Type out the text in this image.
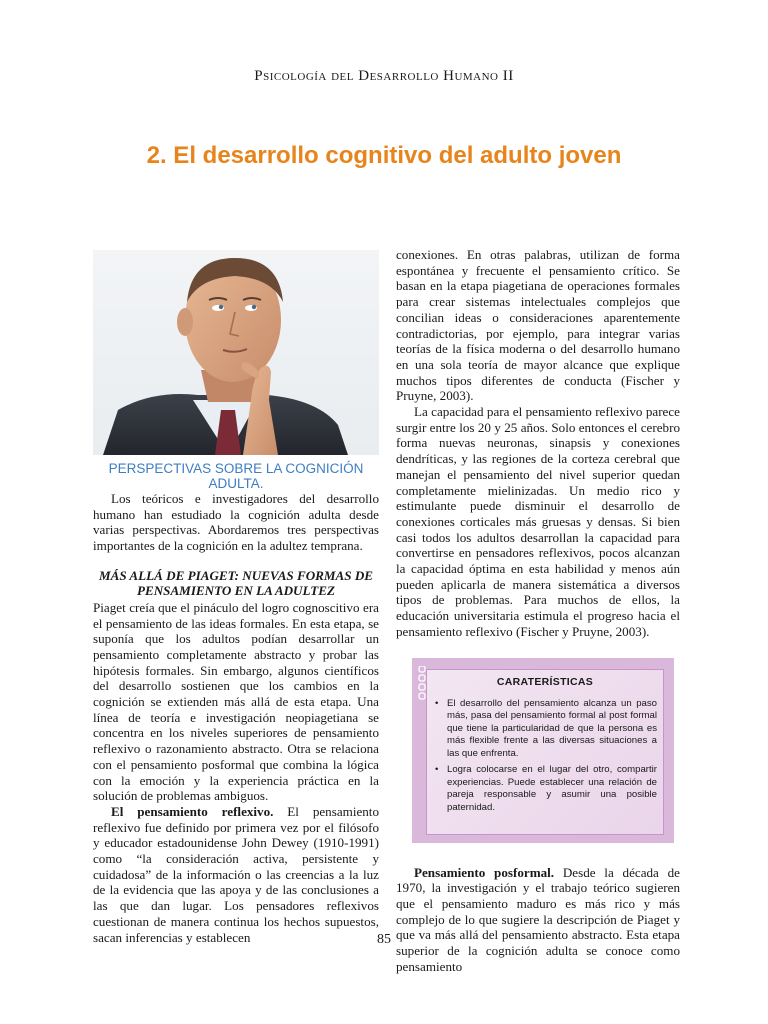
Psicología del Desarrollo Humano II
2. El desarrollo cognitivo del adulto joven
PERSPECTIVAS SOBRE LA COGNICIÓN ADULTA.

Los teóricos e investigadores del desarrollo humano han estudiado la cognición adulta desde varias perspectivas. Abordaremos tres perspectivas importantes de la cognición en la adultez temprana.

MÁS ALLÁ DE PIAGET: NUEVAS FORMAS DE PENSAMIENTO EN LA ADULTEZ

Piaget creía que el pináculo del logro cognoscitivo era el pensamiento de las ideas formales. En esta etapa, se suponía que los adultos podían desarrollar un pensamiento completamente abstracto y probar las hipótesis formales. Sin embargo, algunos científicos del desarrollo sostienen que los cambios en la cognición se extienden más allá de esta etapa. Una línea de teoría e investigación neopiagetiana se concentra en los niveles superiores de pensamiento reflexivo o razonamiento abstracto. Otra se relaciona con el pensamiento posformal que combina la lógica con la emoción y la experiencia práctica en la solución de problemas ambiguos.

El pensamiento reflexivo. El pensamiento reflexivo fue definido por primera vez por el filósofo y educador estadounidense John Dewey (1910-1991) como “la consideración activa, persistente y cuidadosa” de la información o las creencias a la luz de la evidencia que las apoya y de las conclusiones a las que dan lugar. Los pensadores reflexivos cuestionan de manera continua los hechos supuestos, sacan inferencias y establecen

conexiones. En otras palabras, utilizan de forma espontánea y frecuente el pensamiento crítico. Se basan en la etapa piagetiana de operaciones formales para crear sistemas intelectuales complejos que concilian ideas o consideraciones aparentemente contradictorias, por ejemplo, para integrar varias teorías de la física moderna o del desarrollo humano en una sola teoría de mayor alcance que explique muchos tipos diferentes de conducta (Fischer y Pruyne, 2003).

La capacidad para el pensamiento reflexivo parece surgir entre los 20 y 25 años. Solo entonces el cerebro forma nuevas neuronas, sinapsis y conexiones dendríticas, y las regiones de la corteza cerebral que manejan el pensamiento del nivel superior quedan completamente mielinizadas. Un medio rico y estimulante puede disminuir el desarrollo de conexiones corticales más gruesas y densas. Si bien casi todos los adultos desarrollan la capacidad para convertirse en pensadores reflexivos, pocos alcanzan la capacidad óptima en esta habilidad y menos aún pueden aplicarla de manera sistemática a diversos tipos de problemas. Para muchos de ellos, la educación universitaria estimula el progreso hacia el pensamiento reflexivo (Fischer y Pruyne, 2003).

CARATERÍSTICAS
• El desarrollo del pensamiento alcanza un paso más, pasa del pensamiento formal al post formal que tiene la particularidad de que la persona es más flexible frente a las diversas situaciones a las que enfrenta.
• Logra colocarse en el lugar del otro, compartir experiencias. Puede establecer una relación de pareja responsable y asumir una posible paternidad.

Pensamiento posformal. Desde la década de 1970, la investigación y el trabajo teórico sugieren que el pensamiento maduro es más rico y más complejo de lo que sugiere la descripción de Piaget y que va más allá del pensamiento abstracto. Esta etapa superior de la cognición adulta se conoce como pensamiento

85
